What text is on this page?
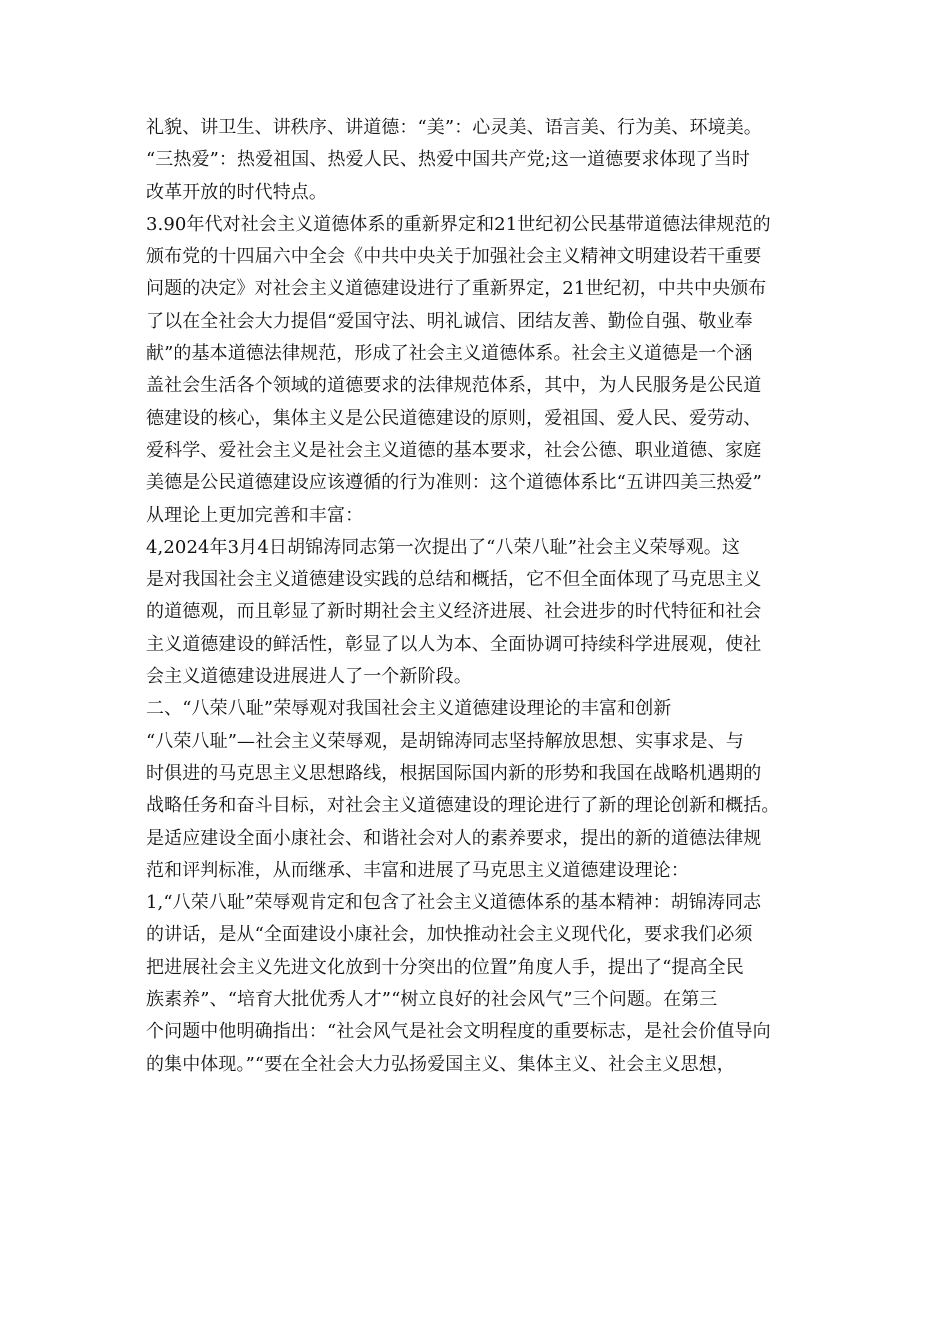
礼貌、讲卫生、讲秩序、讲道德：“美”：心灵美、语言美、行为美、环境美。
“三热爱”：热爱祖国、热爱人民、热爱中国共产党;这一道德要求体现了当时
改革开放的时代特点。
3.90年代对社会主义道德体系的重新界定和21世纪初公民基带道德法律规范的
颁布党的十四届六中全会《中共中央关于加强社会主义精神文明建设若干重要
问题的决定》对社会主义道德建设进行了重新界定，21世纪初，中共中央颁布
了以在全社会大力提倡“爱国守法、明礼诚信、团结友善、勤俭自强、敬业奉
献”的基本道德法律规范，形成了社会主义道德体系。社会主义道德是一个涵
盖社会生活各个领域的道德要求的法律规范体系，其中，为人民服务是公民道
德建设的核心，集体主义是公民道德建设的原则，爱祖国、爱人民、爱劳动、
爱科学、爱社会主义是社会主义道德的基本要求，社会公德、职业道德、家庭
美德是公民道德建设应该遵循的行为准则：这个道德体系比“五讲四美三热爱”
从理论上更加完善和丰富：
4,2024年3月4日胡锦涛同志第一次提出了“八荣八耻”社会主义荣辱观。这
是对我国社会主义道德建设实践的总结和概括，它不但全面体现了马克思主义
的道德观，而且彰显了新时期社会主义经济进展、社会进步的时代特征和社会
主义道德建设的鲜活性，彰显了以人为本、全面协调可持续科学进展观，使社
会主义道德建设进展进人了一个新阶段。
二、“八荣八耻”荣辱观对我国社会主义道德建设理论的丰富和创新
“八荣八耻”—社会主义荣辱观，是胡锦涛同志坚持解放思想、实事求是、与
时俱进的马克思主义思想路线，根据国际国内新的形势和我国在战略机遇期的
战略任务和奋斗目标，对社会主义道德建设的理论进行了新的理论创新和概括。
是适应建设全面小康社会、和谐社会对人的素养要求，提出的新的道德法律规
范和评判标准，从而继承、丰富和进展了马克思主义道德建设理论：
1,“八荣八耻”荣辱观肯定和包含了社会主义道德体系的基本精神：胡锦涛同志
的讲话，是从“全面建设小康社会，加快推动社会主义现代化，要求我们必须
把进展社会主义先进文化放到十分突出的位置”角度人手，提出了“提高全民
族素养”、“培育大批优秀人才”“树立良好的社会风气”三个问题。在第三
个问题中他明确指出：“社会风气是社会文明程度的重要标志，是社会价值导向
的集中体现。”“要在全社会大力弘扬爱国主义、集体主义、社会主义思想，
